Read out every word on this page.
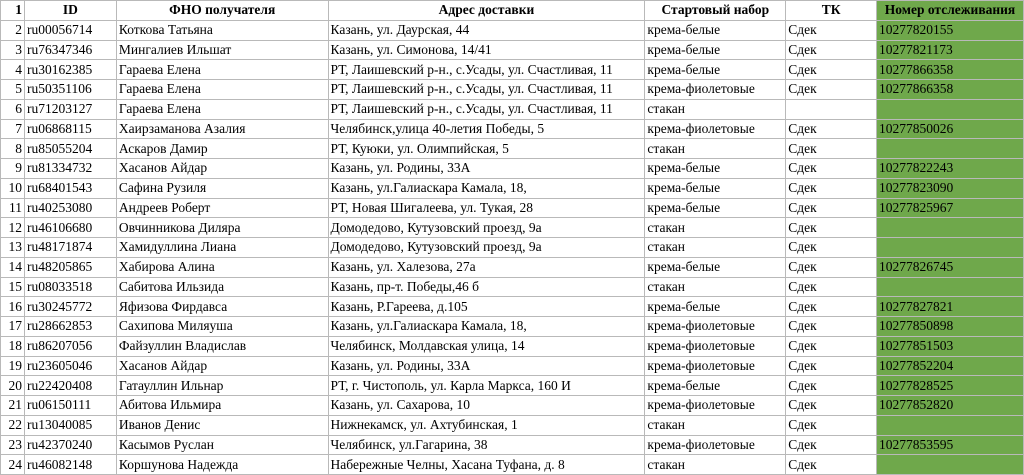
1	ID	ФНО получателя	Адрес доставки	Стартовый набор	ТК	Номер отслеживания
2	ru00056714	Коткова Татьяна	Казань, ул. Даурская, 44	крема-белые	Сдек	10277820155
3	ru76347346	Мингалиев Ильшат	Казань, ул. Симонова, 14/41	крема-белые	Сдек	10277821173
4	ru30162385	Гараева Елена	РТ, Лаишевский р-н., с.Усады, ул. Счастливая, 11	крема-белые	Сдек	10277866358
5	ru50351106	Гараева Елена	РТ, Лаишевский р-н., с.Усады, ул. Счастливая, 11	крема-фиолетовые	Сдек	10277866358
6	ru71203127	Гараева Елена	РТ, Лаишевский р-н., с.Усады, ул. Счастливая, 11	стакан		
7	ru06868115	Хаирзаманова Азалия	Челябинск,улица 40-летия Победы, 5	крема-фиолетовые	Сдек	10277850026
8	ru85055204	Аскаров Дамир	РТ, Куюки, ул. Олимпийская, 5	стакан	Сдек	
9	ru81334732	Хасанов Айдар	Казань, ул. Родины, 33А	крема-белые	Сдек	10277822243
10	ru68401543	Сафина Рузиля	Казань, ул.Галиаскара Камала, 18,	крема-белые	Сдек	10277823090
11	ru40253080	Андреев Роберт	РТ, Новая Шигалеева, ул. Тукая, 28	крема-белые	Сдек	10277825967
12	ru46106680	Овчинникова Диляра	Домодедово, Кутузовский проезд, 9а	стакан	Сдек	
13	ru48171874	Хамидуллина Лиана	Домодедово, Кутузовский проезд, 9а	стакан	Сдек	
14	ru48205865	Хабирова Алина	Казань, ул. Халезова, 27а	крема-белые	Сдек	10277826745
15	ru08033518	Сабитова Ильзида	Казань, пр-т. Победы,46 б	стакан	Сдек	
16	ru30245772	Яфизова Фирдавса	Казань, Р.Гареева, д.105	крема-белые	Сдек	10277827821
17	ru28662853	Сахипова Миляуша	Казань, ул.Галиаскара Камала, 18,	крема-фиолетовые	Сдек	10277850898
18	ru86207056	Файзуллин Владислав	Челябинск, Молдавская улица, 14	крема-фиолетовые	Сдек	10277851503
19	ru23605046	Хасанов Айдар	Казань, ул. Родины, 33А	крема-фиолетовые	Сдек	10277852204
20	ru22420408	Гатауллин Ильнар	РТ, г. Чистополь, ул. Карла Маркса, 160 И	крема-белые	Сдек	10277828525
21	ru06150111	Абитова Ильмира	Казань, ул. Сахарова, 10	крема-фиолетовые	Сдек	10277852820
22	ru13040085	Иванов Денис	Нижнекамск, ул. Ахтубинская, 1	стакан	Сдек	
23	ru42370240	Касымов Руслан	Челябинск, ул.Гагарина, 38	крема-фиолетовые	Сдек	10277853595
24	ru46082148	Коршунова Надежда	Набережные Челны, Хасана Туфана, д. 8	стакан	Сдек	
